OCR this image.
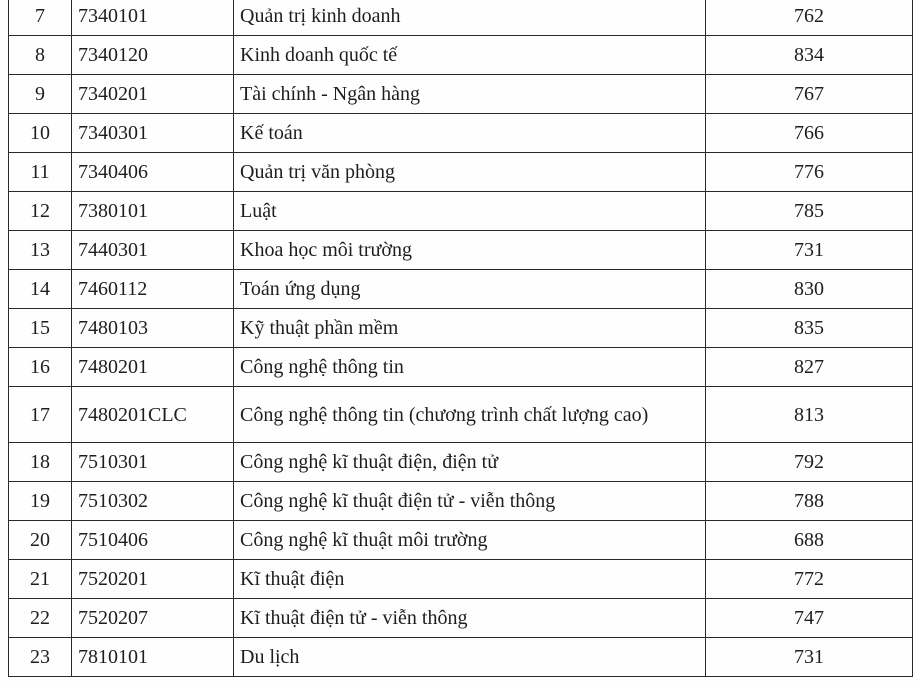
7	7340101	Quản trị kinh doanh	762
8	7340120	Kinh doanh quốc tế	834
9	7340201	Tài chính - Ngân hàng	767
10	7340301	Kế toán	766
11	7340406	Quản trị văn phòng	776
12	7380101	Luật	785
13	7440301	Khoa học môi trường	731
14	7460112	Toán ứng dụng	830
15	7480103	Kỹ thuật phần mềm	835
16	7480201	Công nghệ thông tin	827
17	7480201CLC	Công nghệ thông tin (chương trình chất lượng cao)	813
18	7510301	Công nghệ kĩ thuật điện, điện tử	792
19	7510302	Công nghệ kĩ thuật điện tử - viễn thông	788
20	7510406	Công nghệ kĩ thuật môi trường	688
21	7520201	Kĩ thuật điện	772
22	7520207	Kĩ thuật điện tử - viễn thông	747
23	7810101	Du lịch	731
